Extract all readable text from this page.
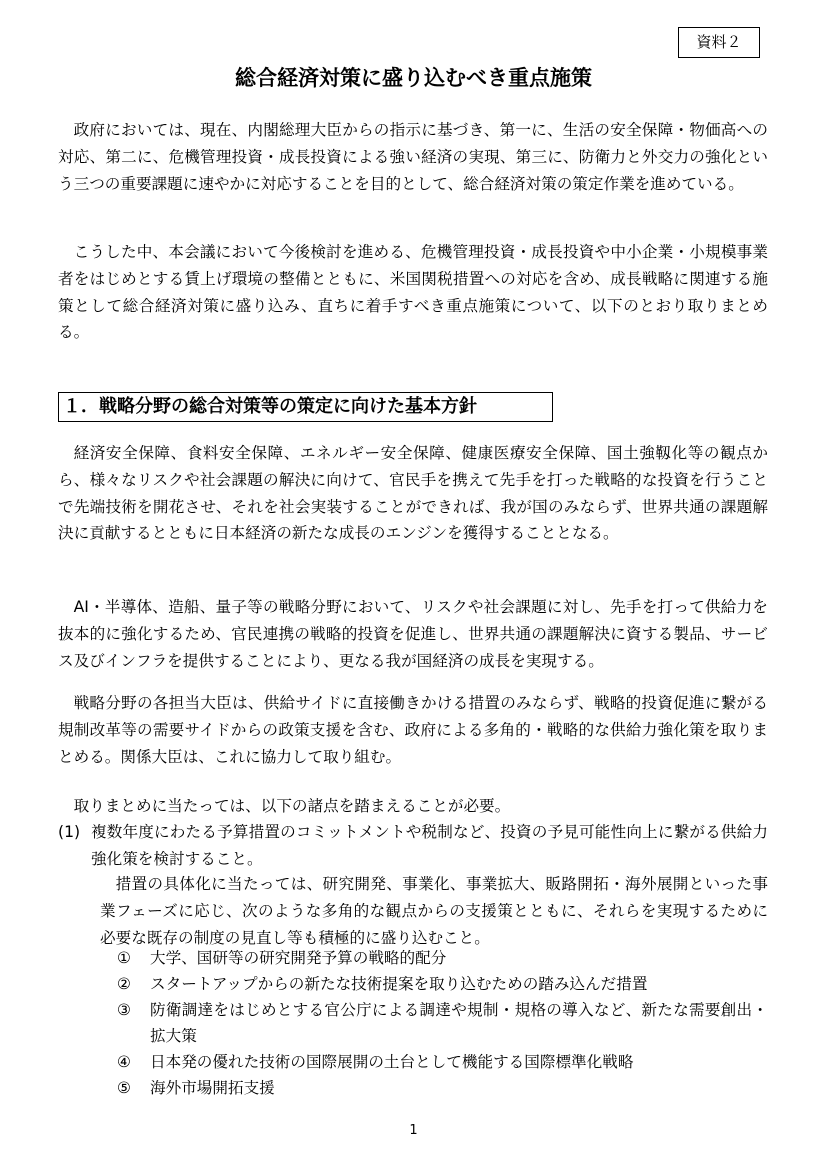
資料２
総合経済対策に盛り込むべき重点施策

政府においては、現在、内閣総理大臣からの指示に基づき、第一に、生活の安全保障・物価高への対応、第二に、危機管理投資・成長投資による強い経済の実現、第三に、防衛力と外交力の強化という三つの重要課題に速やかに対応することを目的として、総合経済対策の策定作業を進めている。

こうした中、本会議において今後検討を進める、危機管理投資・成長投資や中小企業・小規模事業者をはじめとする賃上げ環境の整備とともに、米国関税措置への対応を含め、成長戦略に関連する施策として総合経済対策に盛り込み、直ちに着手すべき重点施策について、以下のとおり取りまとめる。

１．戦略分野の総合対策等の策定に向けた基本方針

経済安全保障、食料安全保障、エネルギー安全保障、健康医療安全保障、国土強靱化等の観点から、様々なリスクや社会課題の解決に向けて、官民手を携えて先手を打った戦略的な投資を行うことで先端技術を開花させ、それを社会実装することができれば、我が国のみならず、世界共通の課題解決に貢献するとともに日本経済の新たな成長のエンジンを獲得することとなる。

AI・半導体、造船、量子等の戦略分野において、リスクや社会課題に対し、先手を打って供給力を抜本的に強化するため、官民連携の戦略的投資を促進し、世界共通の課題解決に資する製品、サービス及びインフラを提供することにより、更なる我が国経済の成長を実現する。

戦略分野の各担当大臣は、供給サイドに直接働きかける措置のみならず、戦略的投資促進に繋がる規制改革等の需要サイドからの政策支援を含む、政府による多角的・戦略的な供給力強化策を取りまとめる。関係大臣は、これに協力して取り組む。

取りまとめに当たっては、以下の諸点を踏まえることが必要。

(1) 複数年度にわたる予算措置のコミットメントや税制など、投資の予見可能性向上に繋がる供給力強化策を検討すること。

措置の具体化に当たっては、研究開発、事業化、事業拡大、販路開拓・海外展開といった事業フェーズに応じ、次のような多角的な観点からの支援策とともに、それらを実現するために必要な既存の制度の見直し等も積極的に盛り込むこと。

① 大学、国研等の研究開発予算の戦略的配分
② スタートアップからの新たな技術提案を取り込むための踏み込んだ措置
③ 防衛調達をはじめとする官公庁による調達や規制・規格の導入など、新たな需要創出・拡大策
④ 日本発の優れた技術の国際展開の土台として機能する国際標準化戦略
⑤ 海外市場開拓支援
1
